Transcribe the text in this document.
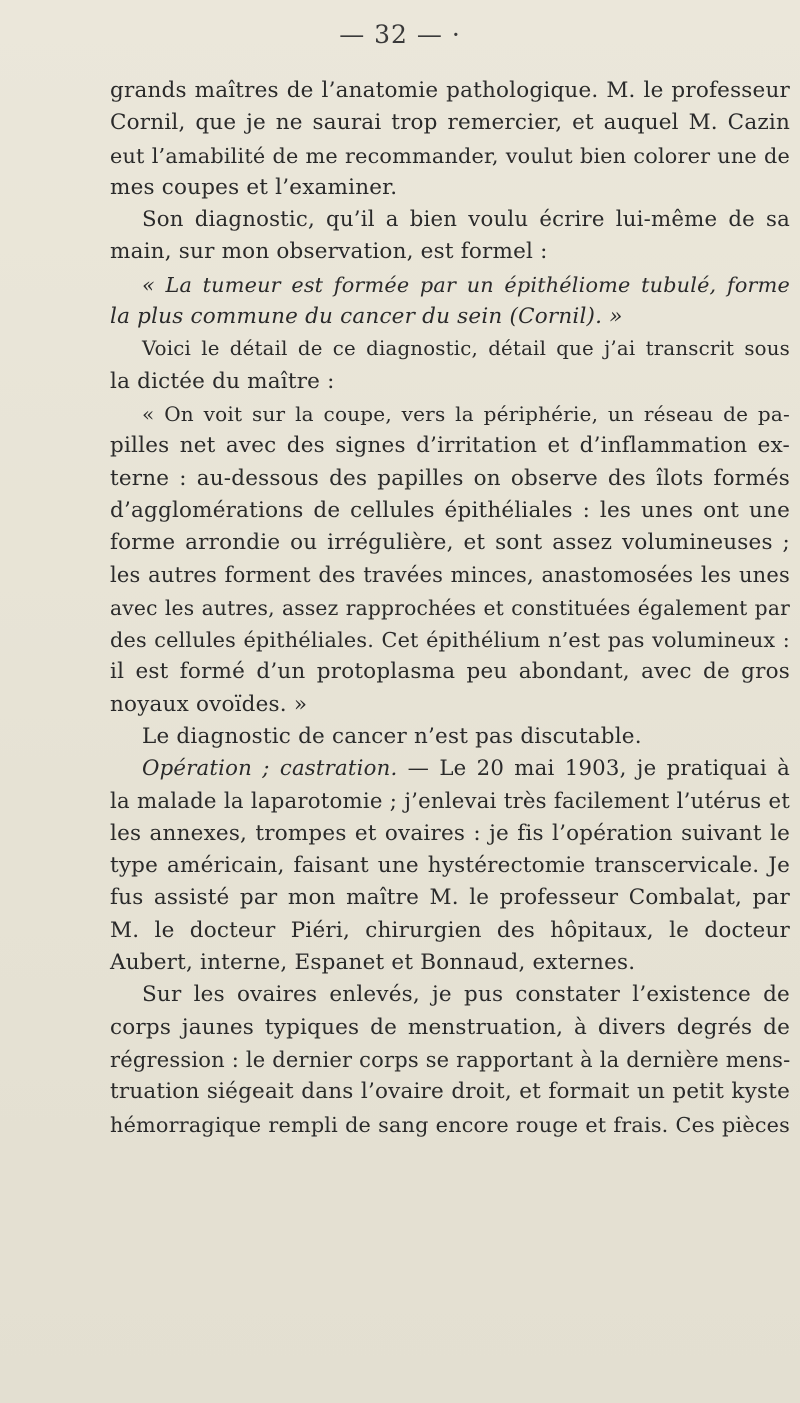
— 32 — ·
grands maîtres de l’anatomie pathologique. M. le professeur
Cornil, que je ne saurai trop remercier, et auquel M. Cazin
eut l’amabilité de me recommander, voulut bien colorer une de
mes coupes et l’examiner.
Son diagnostic, qu’il a bien voulu écrire lui-même de sa
main, sur mon observation, est formel :
« La tumeur est formée par un épithéliome tubulé, forme
la plus commune du cancer du sein (Cornil). »
Voici le détail de ce diagnostic, détail que j’ai transcrit sous
la dictée du maître :
« On voit sur la coupe, vers la périphérie, un réseau de pa-
pilles net avec des signes d’irritation et d’inflammation ex-
terne : au-dessous des papilles on observe des îlots formés
d’agglomérations de cellules épithéliales : les unes ont une
forme arrondie ou irrégulière, et sont assez volumineuses ;
les autres forment des travées minces, anastomosées les unes
avec les autres, assez rapprochées et constituées également par
des cellules épithéliales. Cet épithélium n’est pas volumineux :
il est formé d’un protoplasma peu abondant, avec de gros
noyaux ovoïdes. »
Le diagnostic de cancer n’est pas discutable.
Opération ; castration. — Le 20 mai 1903, je pratiquai à
la malade la laparotomie ; j’enlevai très facilement l’utérus et
les annexes, trompes et ovaires : je fis l’opération suivant le
type américain, faisant une hystérectomie transcervicale. Je
fus assisté par mon maître M. le professeur Combalat, par
M. le docteur Piéri, chirurgien des hôpitaux, le docteur
Aubert, interne, Espanet et Bonnaud, externes.
Sur les ovaires enlevés, je pus constater l’existence de
corps jaunes typiques de menstruation, à divers degrés de
régression : le dernier corps se rapportant à la dernière mens-
truation siégeait dans l’ovaire droit, et formait un petit kyste
hémorragique rempli de sang encore rouge et frais. Ces pièces
